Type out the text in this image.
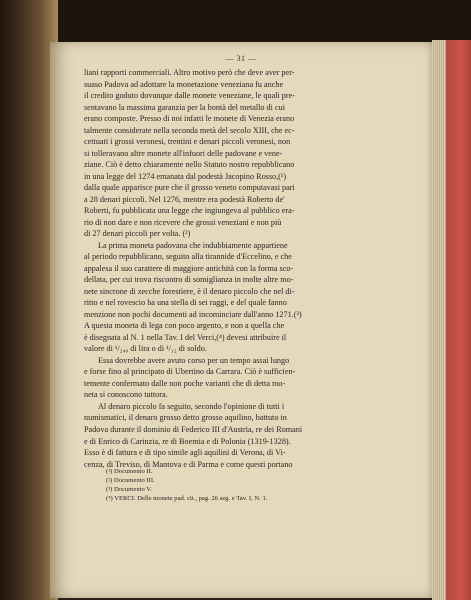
— 31 —
liani rapporti commerciali. Altro motivo però che deve aver per-
suaso Padova ad adottare la monetazione veneziana fu anche
il credito goduto dovunque dalle monete veneziane, le quali pre-
sentavano la massima garanzia per la bontà del metallo di cui
erano composte. Presso di noi infatti le monete di Venezia erano
talmente considerate nella seconda metà del secolo XIII, che ec-
cettuati i grossi veronesi, trentini e denari piccoli veronesi, non
si tolleravano altre monete all'infuori delle padovane e vene-
ziane. Ciò è detto chiaramente nello Statuto nostro repubblicano
in una legge del 1274 emanata dal podestà Jacopino Rosso,(¹)
dalla quale apparisce pure che il grosso veneto computavasi pari
a 28 denari piccoli. Nel 1276, mentre era podestà Roberto de'
Roberti, fu pubblicata una legge che ingiungeva al pubblico era-
rio di non dare e non ricevere che grossi veneziani e non più
di 27 denari piccoli per volta. (²)
La prima moneta padovana che indubbiamente appartiene
al periodo repubblicano, seguito alla tirannide d'Eccelino, e che
appalesa il suo carattere di maggiore antichità con la forma sco-
dellata, per cui trova riscontro di somiglianza in molte altre mo-
nete sincrone di zecche forestiere, è il denaro piccolo che nel di-
ritto e nel rovescio ha una stella di sei raggi, e del quale fanno
menzione non pochi documenti ad incominciare dall'anno 1271.(³)
A questa moneta di lega con poco argento, e non a quella che
è disegnata al N. 1 nella Tav. I del Verci,(⁴) devesi attribuire il
valore di ¹/₂₄₀ di lira o di ¹/₁₂ di soldo.
Essa dovrebbe avere avuto corso per un tempo assai lungo
e forse fino al principato di Ubertino da Carrara. Ciò è sufficien-
temente confermato dalle non poche varianti che di detta mo-
neta si conoscono tuttora.
Al denaro piccolo fa seguito, secondo l'opinione di tutti i
numismatici, il denaro grosso detto grosso aquilino, battuto in
Padova durante il dominio di Federico III d'Austria, re dei Romani
e di Enrico di Carinzia, re di Boemia e di Polonia (1319-1328).
Esso è di fattura e di tipo simile agli aquilini di Verona, di Vi-
cenza, di Treviso, di Mantova e di Parma e come questi portano
(¹) Documento II.
(²) Documento III.
(³) Documento V.
(⁴) VERCI. Delle monete pad. cit., pag. 26 seg. e Tav. I, N. 1.
